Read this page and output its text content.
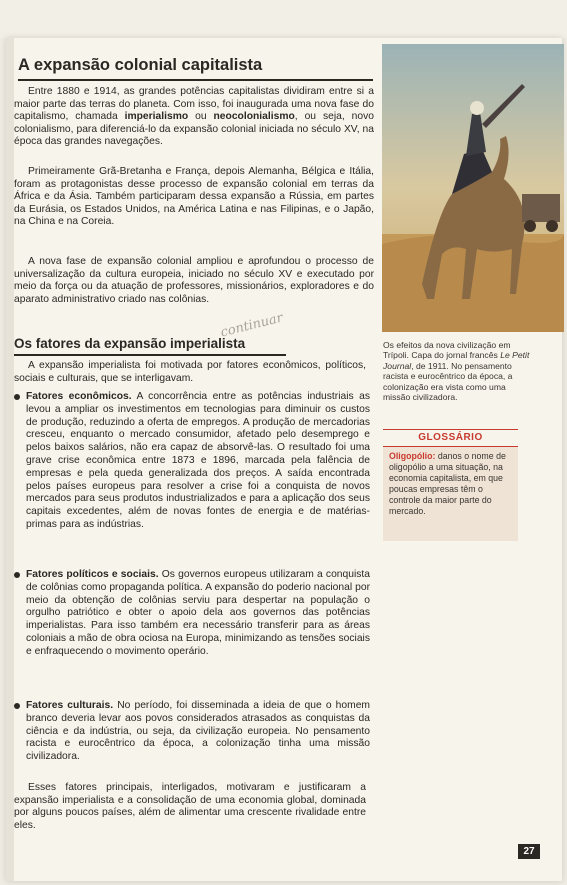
A expansão colonial capitalista

Entre 1880 e 1914, as grandes potências capitalistas dividiram entre si a maior parte das terras do planeta. Com isso, foi inaugurada uma nova fase do capitalismo, chamada imperialismo ou neocolonialismo, ou seja, novo colonialismo, para diferenciá-lo da expansão colonial iniciada no século XV, na época das grandes navegações.

Primeiramente Grã-Bretanha e França, depois Alemanha, Bélgica e Itália, foram as protagonistas desse processo de expansão colonial em terras da África e da Ásia. Também participaram dessa expansão a Rússia, em partes da Eurásia, os Estados Unidos, na América Latina e nas Filipinas, e o Japão, na China e na Coreia.

A nova fase de expansão colonial ampliou e aprofundou o processo de universalização da cultura europeia, iniciado no século XV e executado por meio da força ou da atuação de professores, missionários, exploradores e do aparato administrativo criado nas colônias.

Os fatores da expansão imperialista
continuar

A expansão imperialista foi motivada por fatores econômicos, políticos, sociais e culturais, que se interligavam.

Fatores econômicos. A concorrência entre as potências industriais as levou a ampliar os investimentos em tecnologias para diminuir os custos de produção, reduzindo a oferta de empregos. A produção de mercadorias cresceu, enquanto o mercado consumidor, afetado pelo desemprego e pelos baixos salários, não era capaz de absorvê-las. O resultado foi uma grave crise econômica entre 1873 e 1896, marcada pela falência de empresas e pela queda generalizada dos preços. A saída encontrada pelos países europeus para resolver a crise foi a conquista de novos mercados para seus produtos industrializados e para a aplicação dos seus capitais excedentes, além de novas fontes de energia e de matérias-primas para as indústrias.
Fatores políticos e sociais. Os governos europeus utilizaram a conquista de colônias como propaganda política. A expansão do poderio nacional por meio da obtenção de colônias serviu para despertar na população o orgulho patriótico e obter o apoio dela aos governos das potências imperialistas. Para isso também era necessário transferir para as áreas coloniais a mão de obra ociosa na Europa, minimizando as tensões sociais e enfraquecendo o movimento operário.
Fatores culturais. No período, foi disseminada a ideia de que o homem branco deveria levar aos povos considerados atrasados as conquistas da ciência e da indústria, ou seja, da civilização europeia. No pensamento racista e eurocêntrico da época, a colonização tinha uma missão civilizadora.

Esses fatores principais, interligados, motivaram e justificaram a expansão imperialista e a consolidação de uma economia global, dominada por alguns poucos países, além de alimentar uma crescente rivalidade entre eles.

Os efeitos da nova civilização em Trípoli. Capa do jornal francês Le Petit Journal, de 1911. No pensamento racista e eurocêntrico da época, a colonização era vista como uma missão civilizadora.
GLOSSÁRIO
Oligopólio: danos o nome de oligopólio a uma situação, na economia capitalista, em que poucas empresas têm o controle da maior parte do mercado.
27
